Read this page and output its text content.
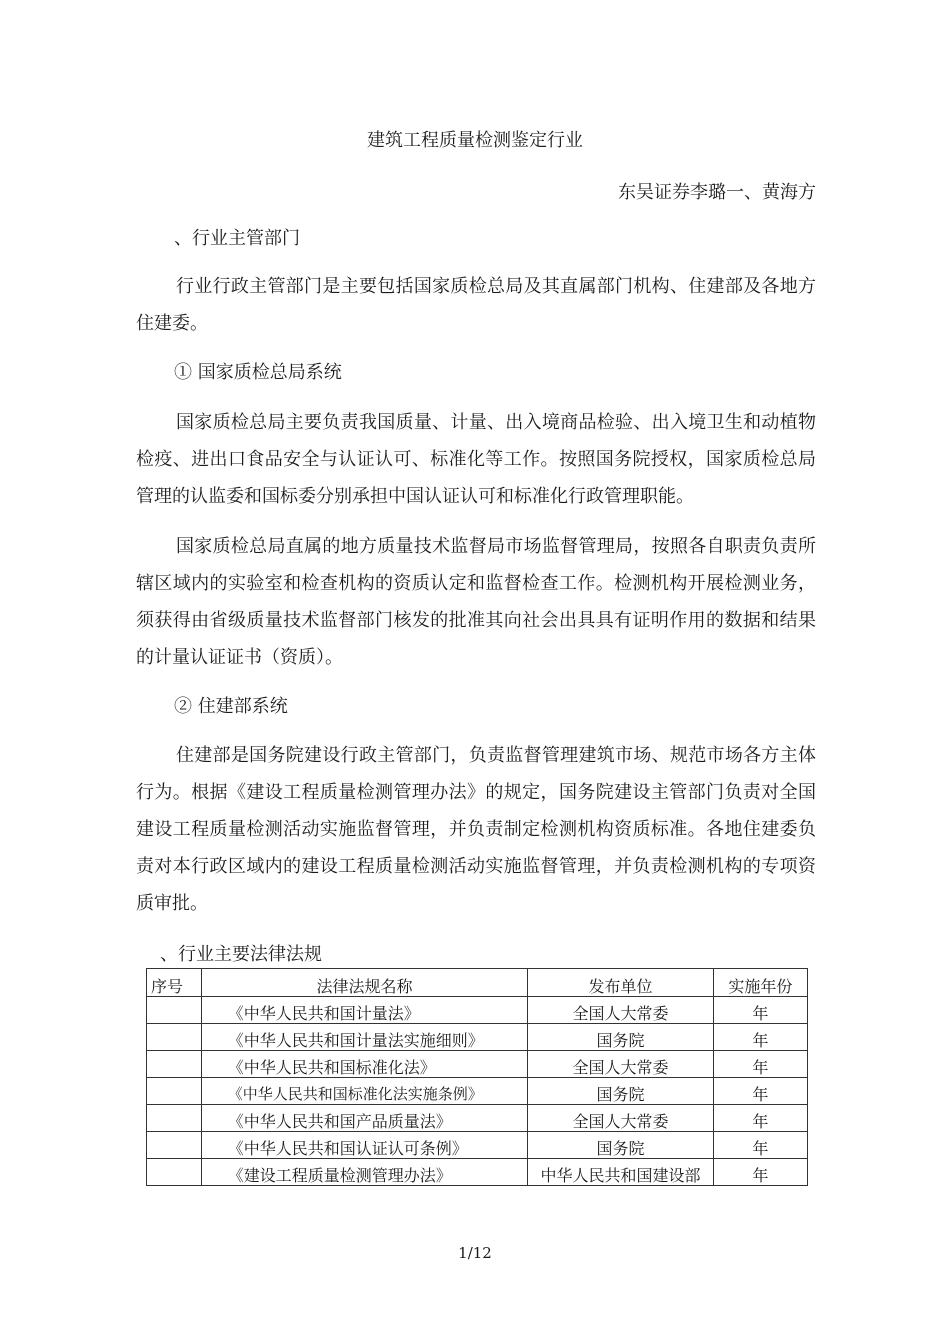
建筑工程质量检测鉴定行业
东吴证券李璐一、黄海方
、行业主管部门
行业行政主管部门是主要包括国家质检总局及其直属部门机构、住建部及各地方住建委。
① 国家质检总局系统
国家质检总局主要负责我国质量、计量、出入境商品检验、出入境卫生和动植物检疫、进出口食品安全与认证认可、标准化等工作。按照国务院授权，国家质检总局管理的认监委和国标委分别承担中国认证认可和标准化行政管理职能。
国家质检总局直属的地方质量技术监督局市场监督管理局，按照各自职责负责所辖区域内的实验室和检查机构的资质认定和监督检查工作。检测机构开展检测业务，须获得由省级质量技术监督部门核发的批准其向社会出具具有证明作用的数据和结果的计量认证证书（资质）。
② 住建部系统
住建部是国务院建设行政主管部门，负责监督管理建筑市场、规范市场各方主体行为。根据《建设工程质量检测管理办法》的规定，国务院建设主管部门负责对全国建设工程质量检测活动实施监督管理，并负责制定检测机构资质标准。各地住建委负责对本行政区域内的建设工程质量检测活动实施监督管理，并负责检测机构的专项资质审批。
、行业主要法律法规
序号	法律法规名称	发布单位	实施年份
	《中华人民共和国计量法》	全国人大常委	年
	《中华人民共和国计量法实施细则》	国务院	年
	《中华人民共和国标准化法》	全国人大常委	年
	《中华人民共和国标准化法实施条例》	国务院	年
	《中华人民共和国产品质量法》	全国人大常委	年
	《中华人民共和国认证认可条例》	国务院	年
	《建设工程质量检测管理办法》	中华人民共和国建设部	年
1/12
